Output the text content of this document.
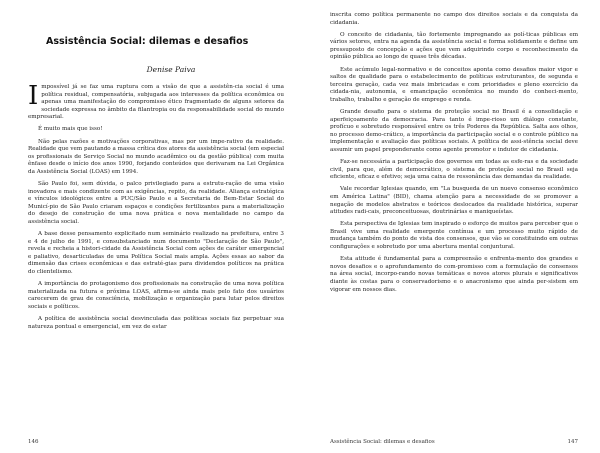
Assistência Social: dilemas e desafios
Denise Paiva

Impossível já se faz uma ruptura com a visão de que a assistên-cia social é uma política residual, compensatória, subjugada aos interesses da política econômica ou apenas uma manifestação do compromisso ético fragmentado de alguns setores da sociedade expressa no âmbito da filantropia ou da responsabilidade social do mundo empresarial.

É muito mais que isso!

Não pelas razões e motivações corporativas, mas por um impe-rativo da realidade. Realidade que vem pautando a massa crítica dos atores da assistência social (em especial os profissionais de Serviço Social no mundo acadêmico ou da gestão pública) com muita ênfase desde o início dos anos 1990, forjando conteúdos que derivaram na Lei Orgânica da Assistência Social (LOAS) em 1994.

São Paulo foi, sem dúvida, o palco privilegiado para a estrutu-ração de uma visão inovadora e mais condizente com as exigências, repito, da realidade. Aliança estratégica e vínculos ideológicos entre a PUC/São Paulo e a Secretaria de Bem-Estar Social do Municí-pio de São Paulo criaram espaços e condições fertilizantes para a materialização do desejo de construção de uma nova prática e nova mentalidade no campo da assistência social.

A base desse pensamento explicitado num seminário realizado na prefeitura, entre 3 e 4 de julho de 1991, e consubstanciado num documento "Declaração de São Paulo", revela e recheia a histori-cidade da Assistência Social com ações de caráter emergencial e paliativo, desarticuladas de uma Política Social mais ampla. Ações essas ao sabor da dimensão das crises econômicas e das estraté-gias para dividendos políticos na prática do clientelismo.

A importância do protagonismo dos profissionais na construção de uma nova política materializada na futura e próxima LOAS, afirma-se ainda mais pelo fato dos usuários carecerem de grau de consciência, mobilização e organização para lutar pelos direitos sociais e políticos.

A política de assistência social desvinculada das políticas sociais faz perpetuar sua natureza pontual e emergencial, em vez de estar

146

inscrita como política permanente no campo dos direitos sociais e da conquista da cidadania.

O conceito de cidadania, tão fortemente impregnando as polí-ticas públicas em vários setores, entra na agenda da assistência social e forma solidamente e define um pressuposto de concepção e ações que vem adquirindo corpo e reconhecimento da opinião pública ao longo de quase três décadas.

Este acúmulo legal-normativo e de conceitos aponta como desafios maior vigor e saltos de qualidade para o estabelecimento de políticas estruturantes, de segunda e terceira geração, cada vez mais imbricadas e com prioridades e pleno exercício da cidada-nia, autonomia, e emancipação econômica no mundo do conheci-mento, trabalho, trabalho e geração de emprego e renda.

Grande desafio para o sistema de proteção social no Brasil é a consolidação e aperfeiçoamento da democracia. Para tanto é impe-rioso um diálogo constante, profícuo e sobretudo responsável entre os três Poderes da República. Salta aos olhos, no processo demo-crático, a importância da participação social e o controle público na implementação e avaliação das políticas sociais. A política de assi-stência social deve assumir um papel preponderante como agente promotor e indutor de cidadania.

Faz-se necessária a participação dos governos em todas as esfe-ras e da sociedade civil, para que, além de democrático, o sistema de proteção social no Brasil seja eficiente, eficaz e efetivo; seja uma caixa de ressonância das demandas da realidade.

Vale recordar Iglesias quando, em "La busqueda de un nuevo consenso econômico em América Latina" (BID), chama atenção para a necessidade de se promover a negação de modelos abstratos e teóricos deslocados da realidade histórica, superar atitudes radi-cais, preconceituosas, doutrinárias e maniqueístas.

Esta perspectiva de Iglesias tem inspirado o esforço de muitos para perceber que o Brasil vive uma realidade emergente contínua e um processo muito rápido de mudança também do ponto de vista dos consensos, que vão se constituindo em outras configurações e sobretudo por uma abertura mental conjuntural.

Esta atitude é fundamental para a compreensão e enfrenta-mento dos grandes e novos desafios e o aprofundamento do com-promisso com a formulação de consensos na área social, incorpo-rando novas temáticas e novos atores plurais e significativos diante às costas para o conservadorismo e o anacronismo que ainda per-sistem em vigorar em nossos dias.

Assistência Social: dilemas e desafios	147
